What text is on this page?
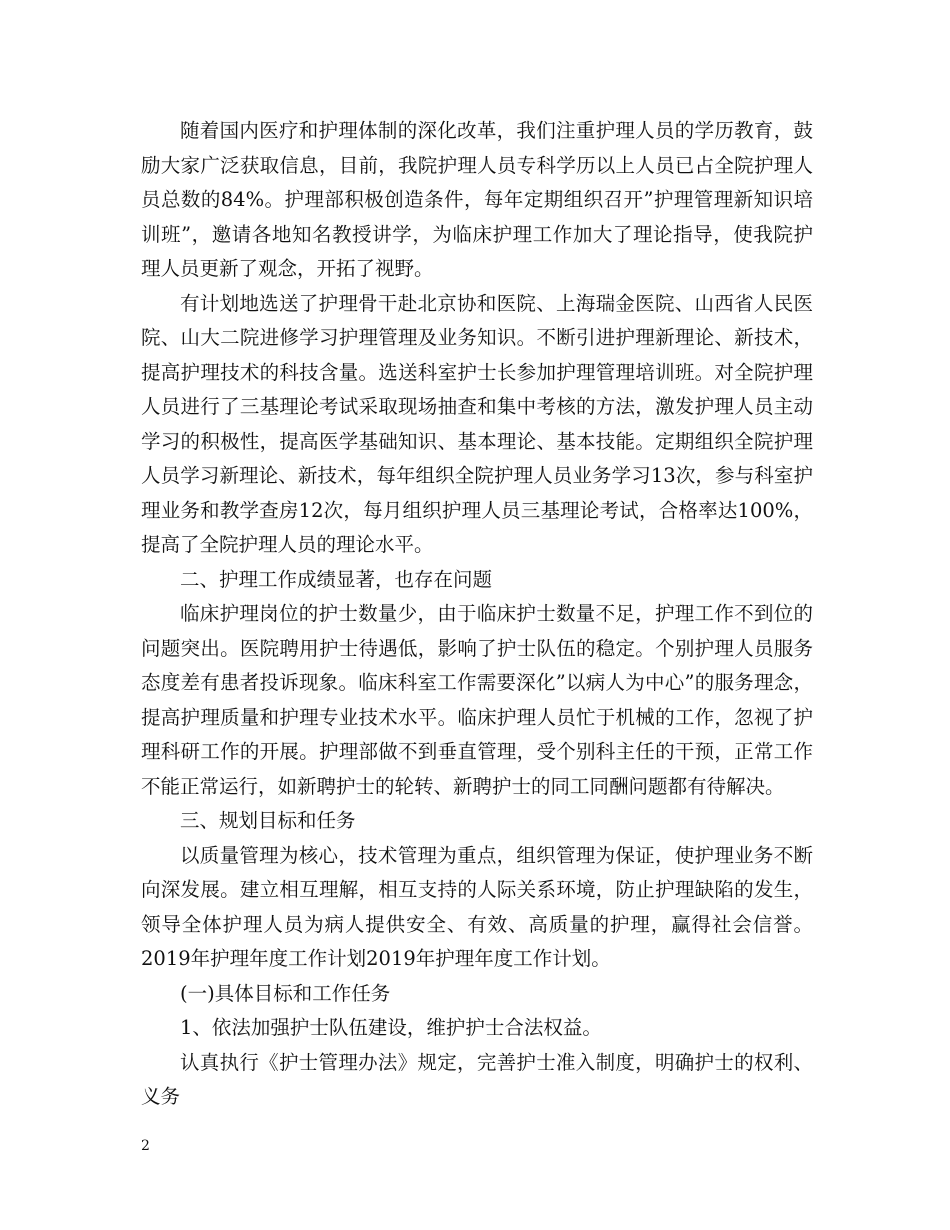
随着国内医疗和护理体制的深化改革，我们注重护理人员的学历教育，鼓励大家广泛获取信息，目前，我院护理人员专科学历以上人员已占全院护理人员总数的84%。护理部积极创造条件，每年定期组织召开”护理管理新知识培训班”，邀请各地知名教授讲学，为临床护理工作加大了理论指导，使我院护理人员更新了观念，开拓了视野。

有计划地选送了护理骨干赴北京协和医院、上海瑞金医院、山西省人民医院、山大二院进修学习护理管理及业务知识。不断引进护理新理论、新技术，提高护理技术的科技含量。选送科室护士长参加护理管理培训班。对全院护理人员进行了三基理论考试采取现场抽查和集中考核的方法，激发护理人员主动学习的积极性，提高医学基础知识、基本理论、基本技能。定期组织全院护理人员学习新理论、新技术，每年组织全院护理人员业务学习13次，参与科室护理业务和教学查房12次，每月组织护理人员三基理论考试，合格率达100%，提高了全院护理人员的理论水平。

二、护理工作成绩显著，也存在问题

临床护理岗位的护士数量少，由于临床护士数量不足，护理工作不到位的问题突出。医院聘用护士待遇低，影响了护士队伍的稳定。个别护理人员服务态度差有患者投诉现象。临床科室工作需要深化”以病人为中心”的服务理念，提高护理质量和护理专业技术水平。临床护理人员忙于机械的工作，忽视了护理科研工作的开展。护理部做不到垂直管理，受个别科主任的干预，正常工作不能正常运行，如新聘护士的轮转、新聘护士的同工同酬问题都有待解决。

三、规划目标和任务

以质量管理为核心，技术管理为重点，组织管理为保证，使护理业务不断向深发展。建立相互理解，相互支持的人际关系环境，防止护理缺陷的发生，领导全体护理人员为病人提供安全、有效、高质量的护理，赢得社会信誉。2019年护理年度工作计划2019年护理年度工作计划。

(一)具体目标和工作任务

1、依法加强护士队伍建设，维护护士合法权益。

认真执行《护士管理办法》规定，完善护士准入制度，明确护士的权利、义务

2
